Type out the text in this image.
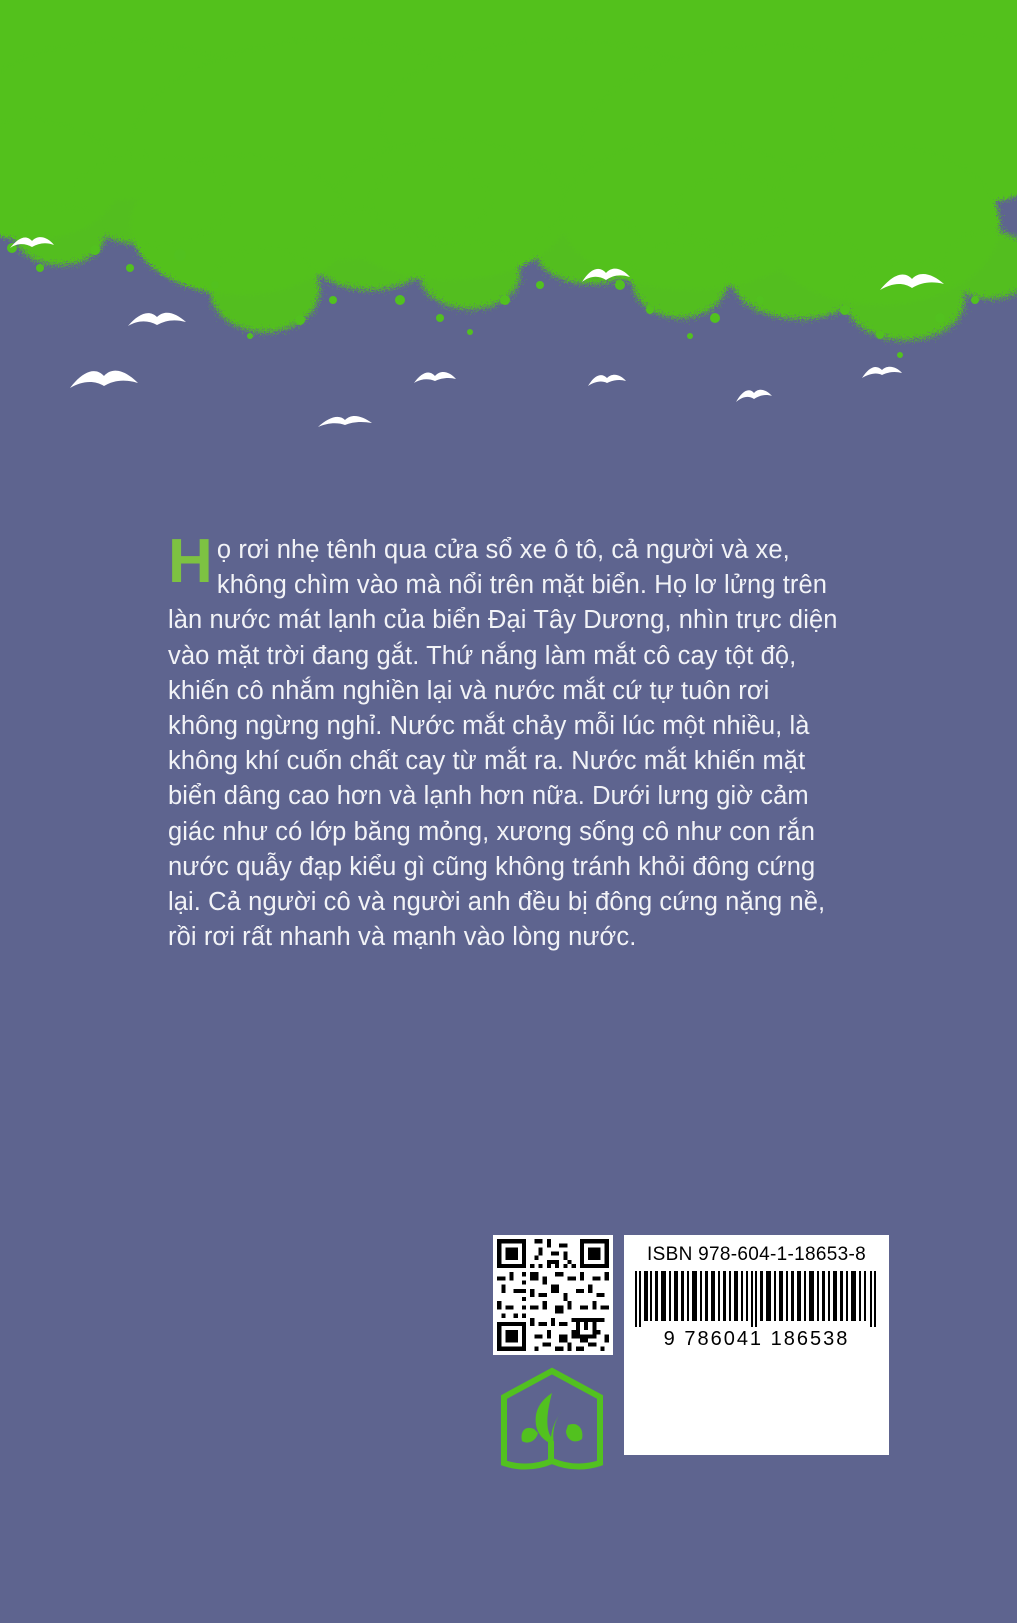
Họ rơi nhẹ tênh qua cửa sổ xe ô tô, cả người và xe, không chìm vào mà nổi trên mặt biển. Họ lơ lửng trên làn nước mát lạnh của biển Đại Tây Dương, nhìn trực diện vào mặt trời đang gắt. Thứ nắng làm mắt cô cay tột độ, khiến cô nhắm nghiền lại và nước mắt cứ tự tuôn rơi không ngừng nghỉ. Nước mắt chảy mỗi lúc một nhiều, là không khí cuốn chất cay từ mắt ra. Nước mắt khiến mặt biển dâng cao hơn và lạnh hơn nữa. Dưới lưng giờ cảm giác như có lớp băng mỏng, xương sống cô như con rắn nước quẫy đạp kiểu gì cũng không tránh khỏi đông cứng lại. Cả người cô và người anh đều bị đông cứng nặng nề, rồi rơi rất nhanh và mạnh vào lòng nước.
ISBN 978-604-1-18653-8
9 786041 186538
